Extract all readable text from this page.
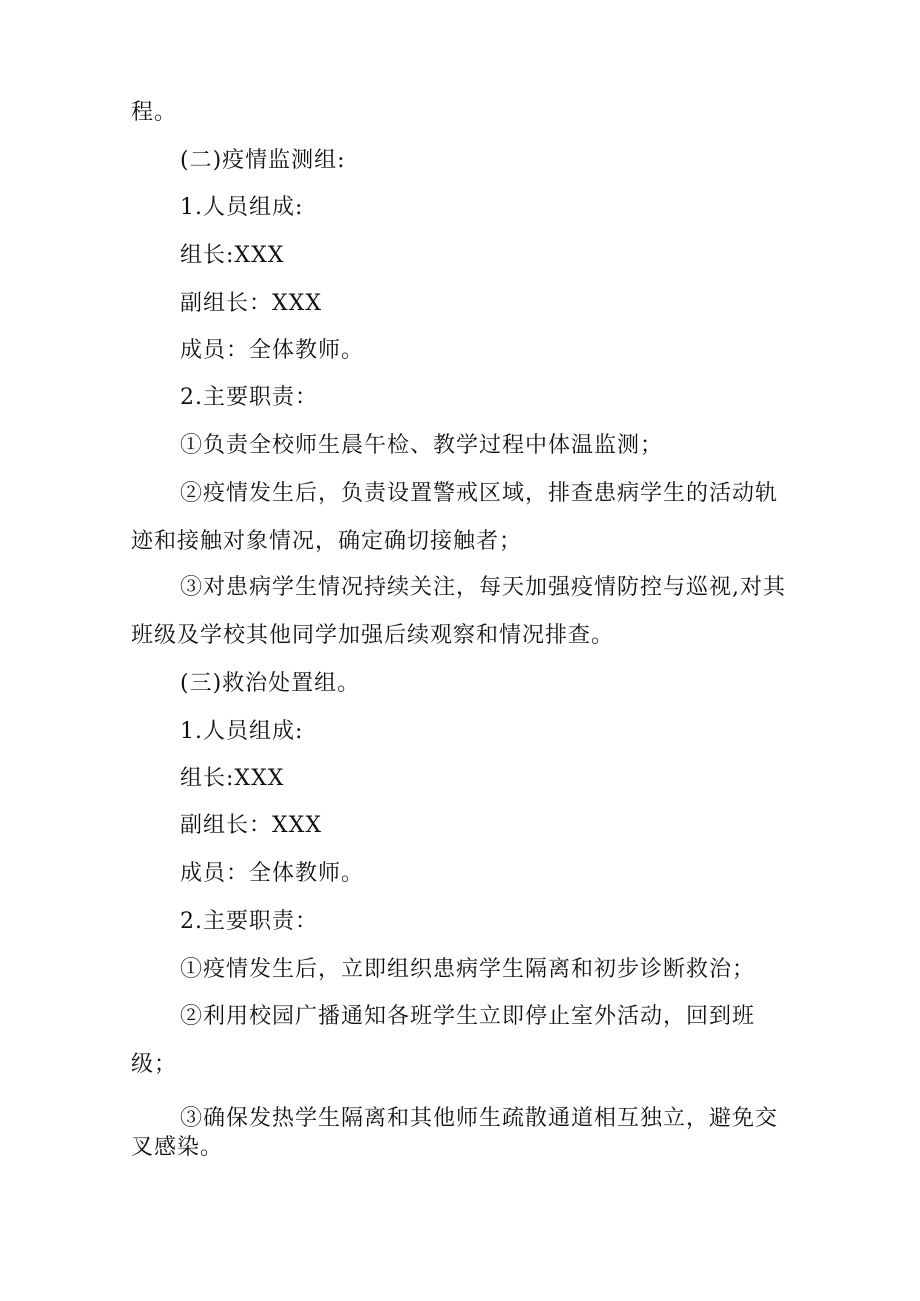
程。

(二)疫情监测组:

1.人员组成:

组长:XXX

副组长：XXX

成员：全体教师。

2.主要职责：

①负责全校师生晨午检、教学过程中体温监测；

②疫情发生后，负责设置警戒区域，排查患病学生的活动轨

迹和接触对象情况，确定确切接触者；

③对患病学生情况持续关注，每天加强疫情防控与巡视,对其

班级及学校其他同学加强后续观察和情况排查。

(三)救治处置组。

1.人员组成:

组长:XXX

副组长：XXX

成员：全体教师。

2.主要职责：

①疫情发生后，立即组织患病学生隔离和初步诊断救治；

②利用校园广播通知各班学生立即停止室外活动，回到班

级；

③确保发热学生隔离和其他师生疏散通道相互独立，避免交

叉感染。
